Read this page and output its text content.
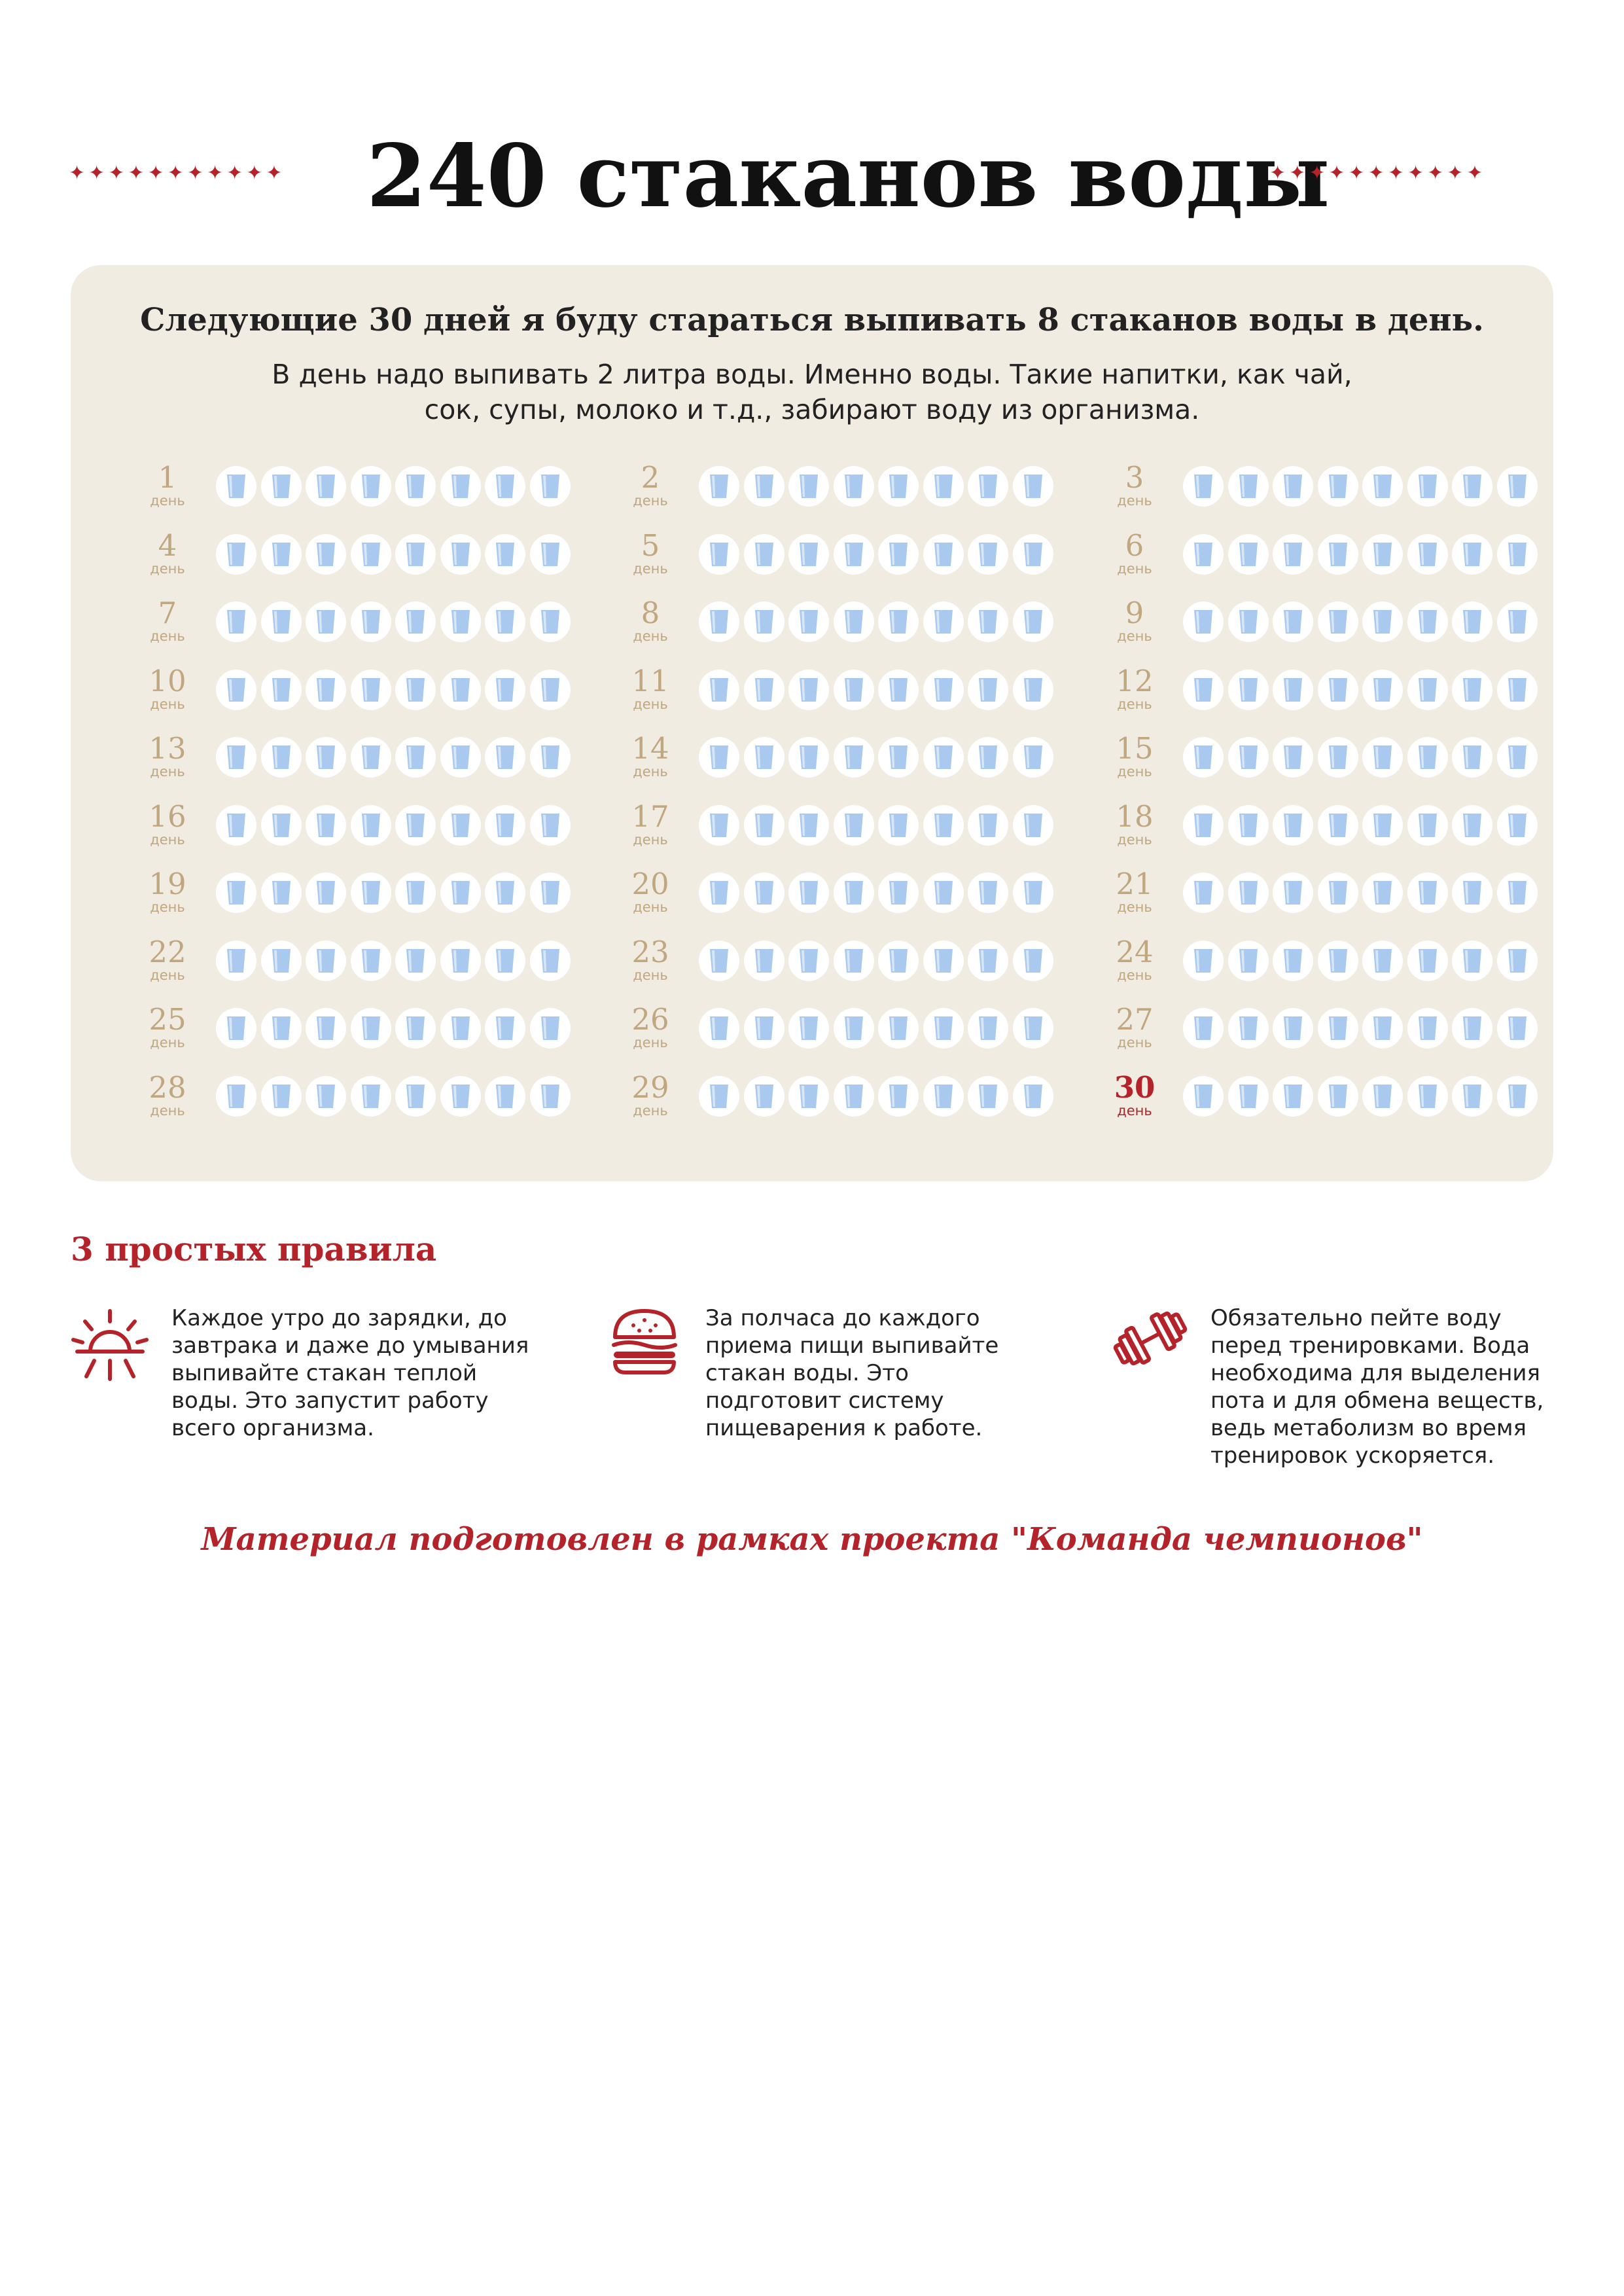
✦✦✦✦✦✦✦✦✦✦✦ 240 стаканов воды
✦✦✦✦✦✦✦✦✦✦✦
Следующие 30 дней я буду стараться выпивать 8 стаканов воды в день.
В день надо выпивать 2 литра воды. Именно воды. Такие напитки, как чай, сок, супы, молоко и т.д., забирают воду из организма.
1
день
2
день
3
день
4
день
5
день
6
день
7
день
8
день
9
день
10
день
11
день
12
день
13
день
14
день
15
день
16
день
17
день
18
день
19
день
20
день
21
день
22
день
23
день
24
день
25
день
26
день
27
день
28
день
29
день
30
день
3 простых правила
Каждое утро до зарядки, до завтрака и даже до умывания выпивайте стакан теплой воды. Это запустит работу всего организма.
За полчаса до каждого приема пищи выпивайте стакан воды. Это подготовит систему пищеварения к работе.
Обязательно пейте воду перед тренировками. Вода необходима для выделения пота и для обмена веществ, ведь метаболизм во время тренировок ускоряется.
Материал подготовлен в рамках проекта "Команда чемпионов"
